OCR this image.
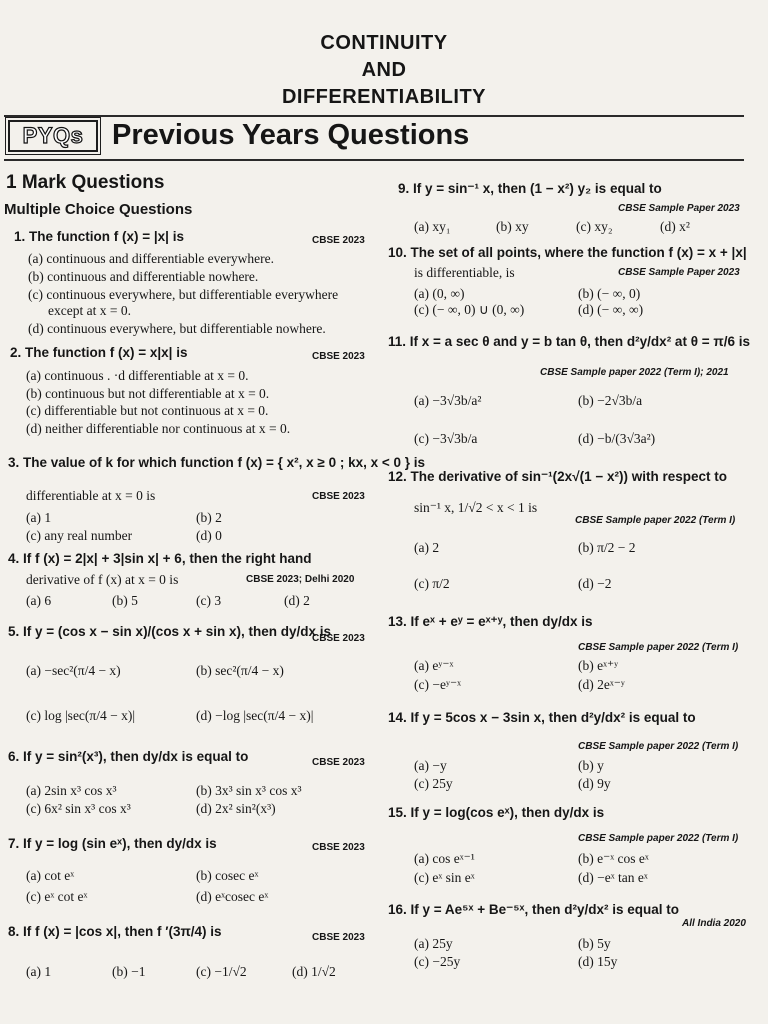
CONTINUITY
AND
DIFFERENTIABILITY
PYQs Previous Years Questions
1 Mark Questions
Multiple Choice Questions
1. The function f (x) = |x| is	CBSE 2023
(a) continuous and differentiable everywhere.
(b) continuous and differentiable nowhere.
(c) continuous everywhere, but differentiable everywhere
except at x = 0.
(d) continuous everywhere, but differentiable nowhere.
2. The function f (x) = x|x| is	CBSE 2023
(a) continuous . ·d differentiable at x = 0.
(b) continuous but not differentiable at x = 0.
(c) differentiable but not continuous at x = 0.
(d) neither differentiable nor continuous at x = 0.
3. The value of k for which function f (x) = { x², x ≥ 0 ; kx, x < 0 } is
differentiable at x = 0 is	CBSE 2023
(a) 1	(b) 2
(c) any real number	(d) 0
4. If f (x) = 2|x| + 3|sin x| + 6, then the right hand
derivative of f (x) at x = 0 is	CBSE 2023; Delhi 2020
(a) 6	(b) 5	(c) 3	(d) 2
5. If y = (cos x − sin x)/(cos x + sin x), then dy/dx is
CBSE 2023
(a) −sec²(π/4 − x)	(b) sec²(π/4 − x)
(c) log |sec(π/4 − x)|	(d) −log |sec(π/4 − x)|
6. If y = sin²(x³), then dy/dx is equal to	CBSE 2023
(a) 2sin x³ cos x³	(b) 3x³ sin x³ cos x³
(c) 6x² sin x³ cos x³	(d) 2x² sin²(x³)
7. If y = log (sin eˣ), then dy/dx is	CBSE 2023
(a) cot eˣ	(b) cosec eˣ
(c) eˣ cot eˣ	(d) eˣcosec eˣ
8. If f (x) = |cos x|, then f ′(3π/4) is	CBSE 2023
(a) 1	(b) −1	(c) −1/√2	(d) 1/√2
9. If y = sin⁻¹ x, then (1 − x²) y₂ is equal to
CBSE Sample Paper 2023
(a) xy₁	(b) xy	(c) xy₂	(d) x²
10. The set of all points, where the function f (x) = x + |x|
is differentiable, is	CBSE Sample Paper 2023
(a) (0, ∞)	(b) (− ∞, 0)
(c) (− ∞, 0) ∪ (0, ∞)	(d) (− ∞, ∞)
11. If x = a sec θ and y = b tan θ, then d²y/dx² at θ = π/6 is
CBSE Sample paper 2022 (Term I); 2021
(a) −3√3b/a²	(b) −2√3b/a
(c) −3√3b/a	(d) −b/(3√3a²)
12. The derivative of sin⁻¹(2x√(1 − x²)) with respect to
sin⁻¹ x, 1/√2 < x < 1 is
CBSE Sample paper 2022 (Term I)
(a) 2	(b) π/2 − 2
(c) π/2	(d) −2
13. If eˣ + eʸ = eˣ⁺ʸ, then dy/dx is
CBSE Sample paper 2022 (Term I)
(a) eʸ⁻ˣ	(b) eˣ⁺ʸ
(c) −eʸ⁻ˣ	(d) 2eˣ⁻ʸ
14. If y = 5cos x − 3sin x, then d²y/dx² is equal to
CBSE Sample paper 2022 (Term I)
(a) −y	(b) y
(c) 25y	(d) 9y
15. If y = log(cos eˣ), then dy/dx is
CBSE Sample paper 2022 (Term I)
(a) cos eˣ⁻¹	(b) e⁻ˣ cos eˣ
(c) eˣ sin eˣ	(d) −eˣ tan eˣ
16. If y = Ae⁵ˣ + Be⁻⁵ˣ, then d²y/dx² is equal to
All India 2020
(a) 25y	(b) 5y
(c) −25y	(d) 15y
